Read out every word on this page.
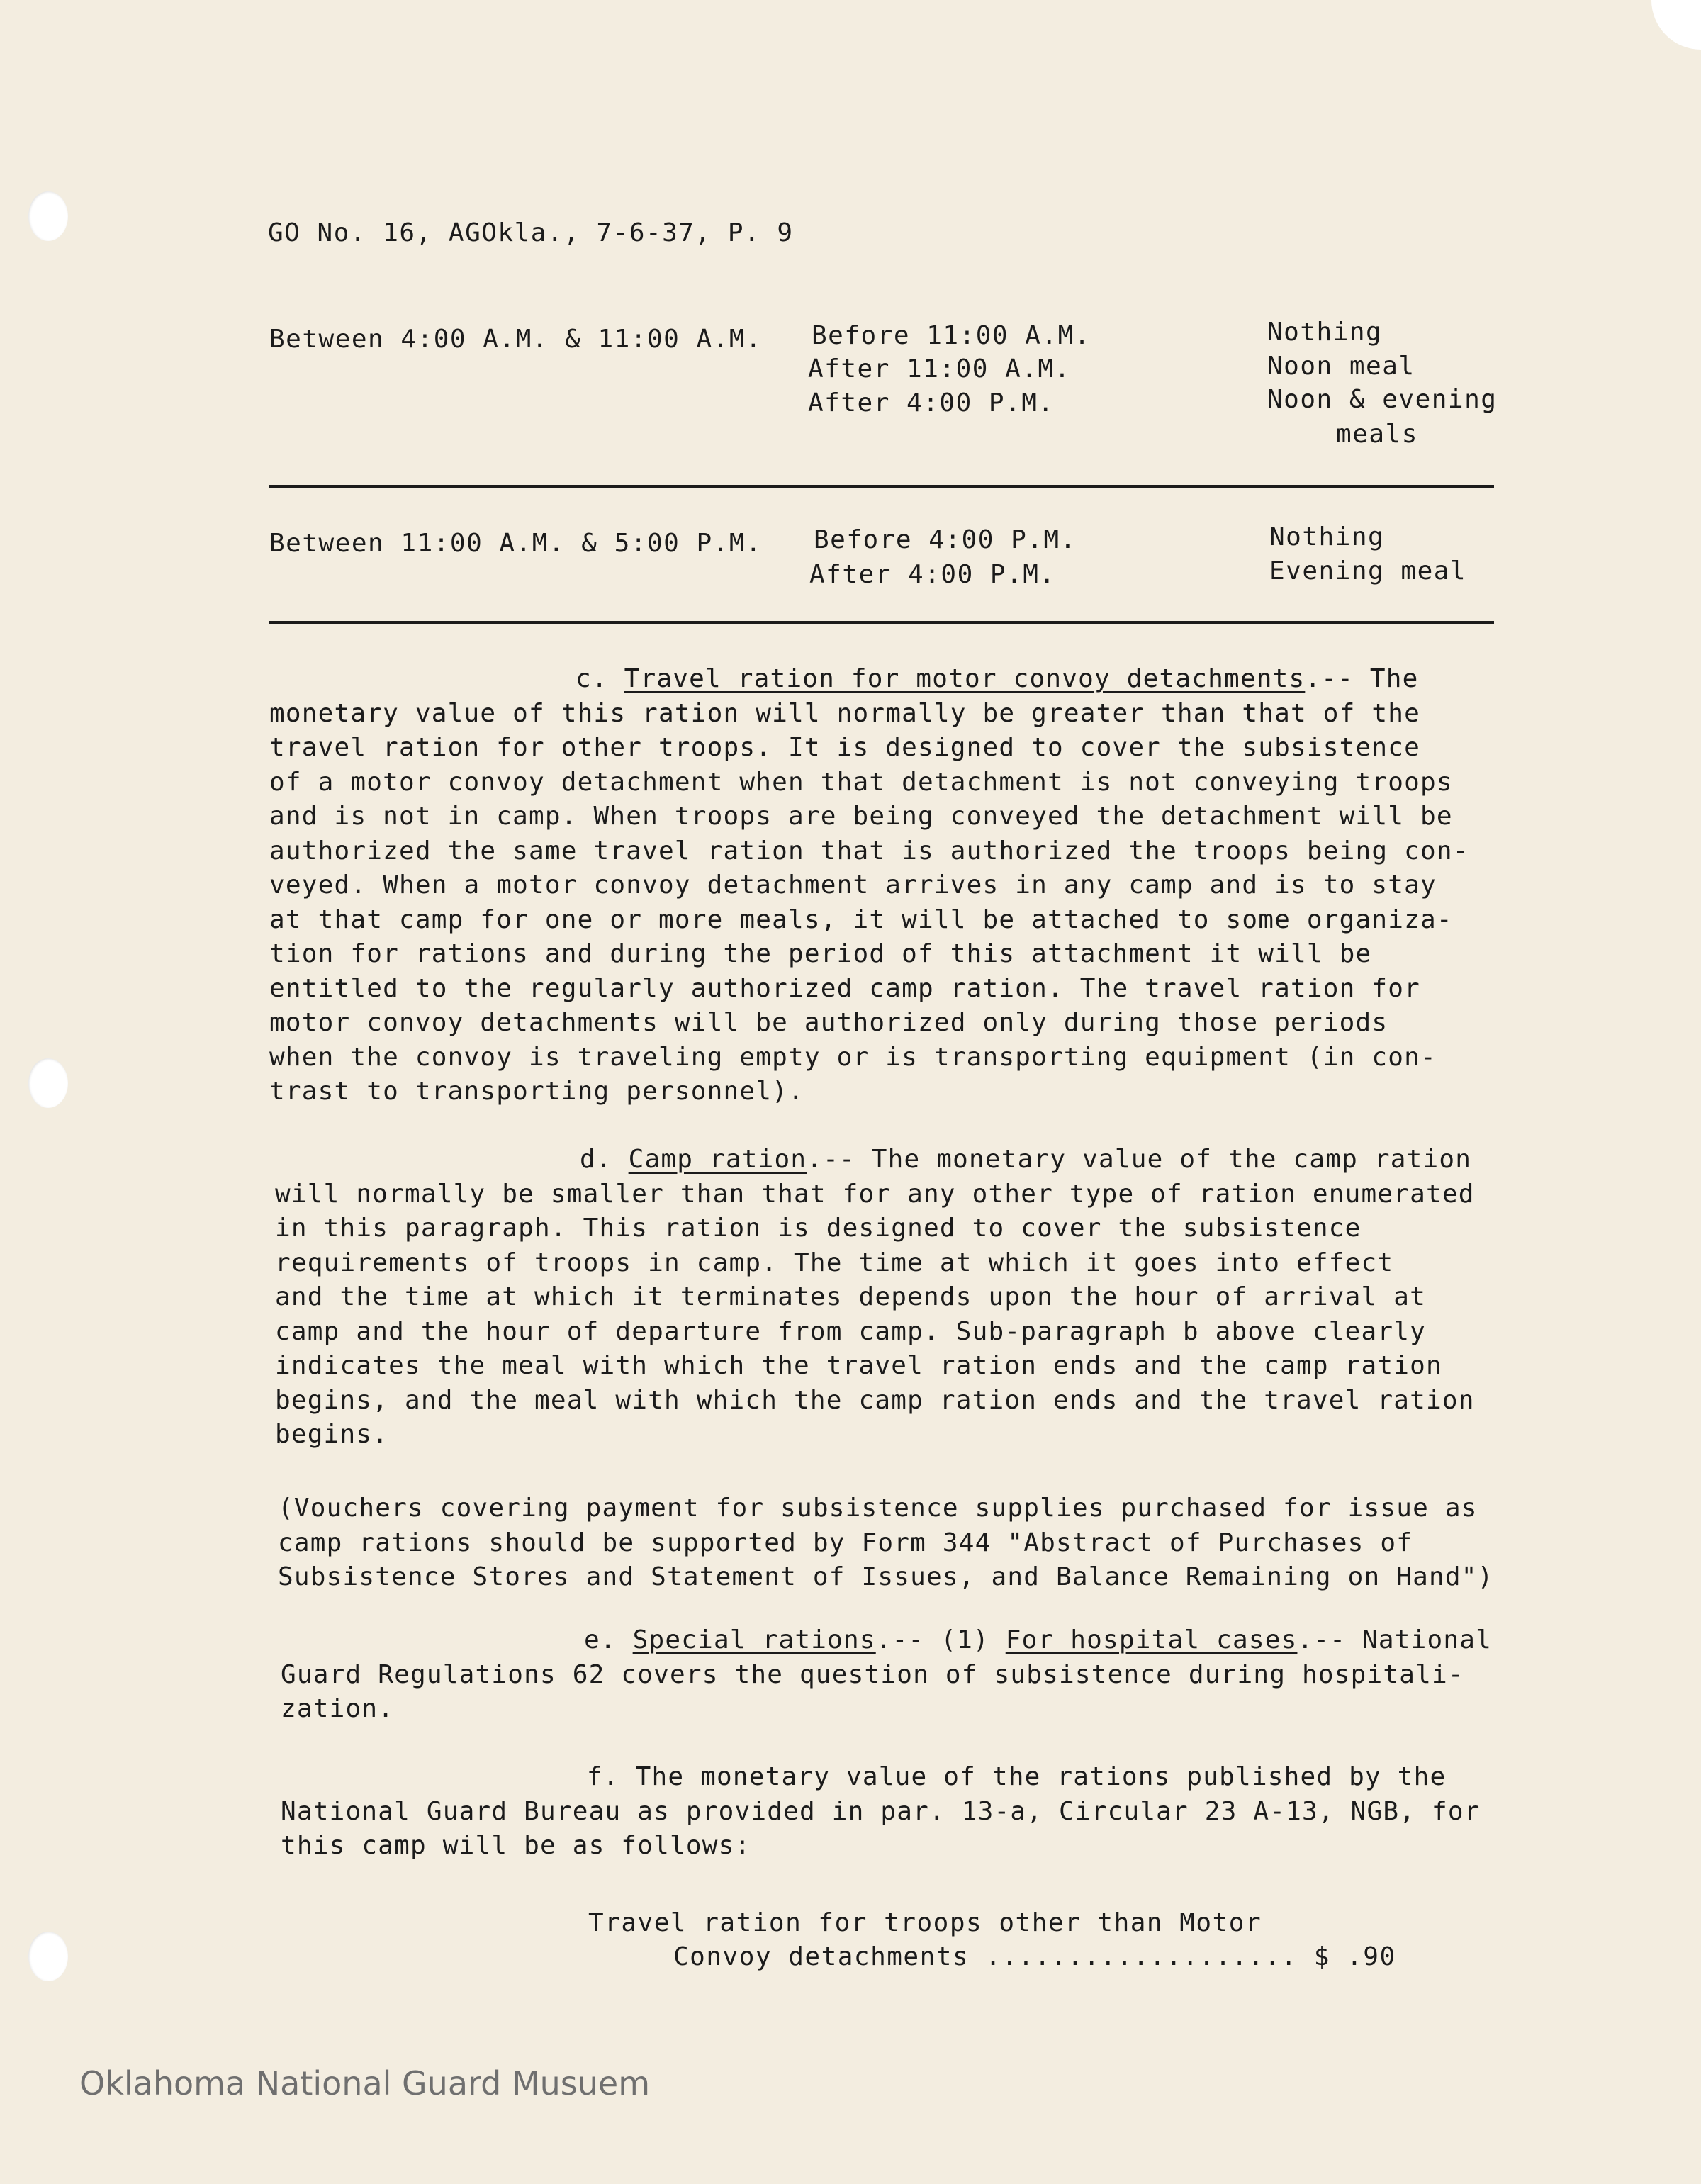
GO No. 16, AGOkla., 7-6-37, P. 9
Between 4:00 A.M. & 11:00 A.M. Before 11:00 A.M.
After 11:00 A.M.
After 4:00 P.M.
Nothing
Noon meal
Noon & evening
meals
Between 11:00 A.M. & 5:00 P.M. Before 4:00 P.M.
After 4:00 P.M.
Nothing
Evening meal
c. Travel ration for motor convoy detachments.-- The
monetary value of this ration will normally be greater than that of the
travel ration for other troops. It is designed to cover the subsistence
of a motor convoy detachment when that detachment is not conveying troops
and is not in camp. When troops are being conveyed the detachment will be
authorized the same travel ration that is authorized the troops being con-
veyed. When a motor convoy detachment arrives in any camp and is to stay
at that camp for one or more meals, it will be attached to some organiza-
tion for rations and during the period of this attachment it will be
entitled to the regularly authorized camp ration. The travel ration for
motor convoy detachments will be authorized only during those periods
when the convoy is traveling empty or is transporting equipment (in con-
trast to transporting personnel).
d. Camp ration.-- The monetary value of the camp ration
will normally be smaller than that for any other type of ration enumerated
in this paragraph. This ration is designed to cover the subsistence
requirements of troops in camp. The time at which it goes into effect
and the time at which it terminates depends upon the hour of arrival at
camp and the hour of departure from camp. Sub-paragraph b above clearly
indicates the meal with which the travel ration ends and the camp ration
begins, and the meal with which the camp ration ends and the travel ration
begins.
(Vouchers covering payment for subsistence supplies purchased for issue as
camp rations should be supported by Form 344 "Abstract of Purchases of
Subsistence Stores and Statement of Issues, and Balance Remaining on Hand")
e. Special rations.-- (1) For hospital cases.-- National
Guard Regulations 62 covers the question of subsistence during hospitali-
zation.
f. The monetary value of the rations published by the
National Guard Bureau as provided in par. 13-a, Circular 23 A-13, NGB, for
this camp will be as follows:
Travel ration for troops other than Motor
Convoy detachments ................... $ .90
Oklahoma National Guard Musuem
